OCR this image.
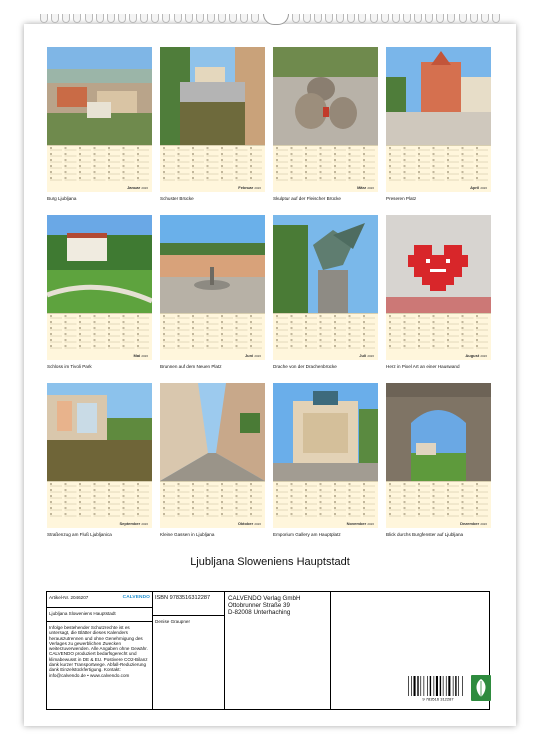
Januar 2026
Burg Ljubljana
Februar 2026
Schuster Brücke
März 2026
Skulptur auf der Fleischer Brücke
April 2026
Preseren Platz
Mai 2026
Schloss im Tivoli Park
Juni 2026
Brunnen auf dem Neuen Platz
Juli 2026
Drache von der Drachenbrücke
August 2026
Herz in Pixel Art an einer Hauswand
September 2026
Straßenzug am Fluß Ljubljanica
Oktober 2026
Kleine Gassen in Ljubljana
November 2026
Emporium Gallery am Hauptplatz
Dezember 2026
Blick durchs Burgfenster auf Ljubljana
Ljubljana Sloweniens Hauptstadt
Artikel-Nr. 2046207	CALVENDO
Ljubljana Sloweniens Hauptstadt
Infolge bestehender Schutzrechte ist es untersagt, die Blätter dieses Kalenders herauszutrennen und ohne Genehmigung des Verlages zu gewerblichen Zwecken weiterzuverwenden. Alle Angaben ohne Gewähr. CALVENDO produziert bedarfsgerecht und klimabewusst in DE & EU. Postivere CO2-Bilanz dank kurzer Transportwege. Abfall-Reduzierung dank Einzelstückfertigung. Kontakt: info@calvendo.de • www.calvendo.com
ISBN 9783516312287
Denise Graupner
CALVENDO Verlag GmbH
Ottobrunner Straße 39
D-82008 Unterhaching
9 783516 312287
